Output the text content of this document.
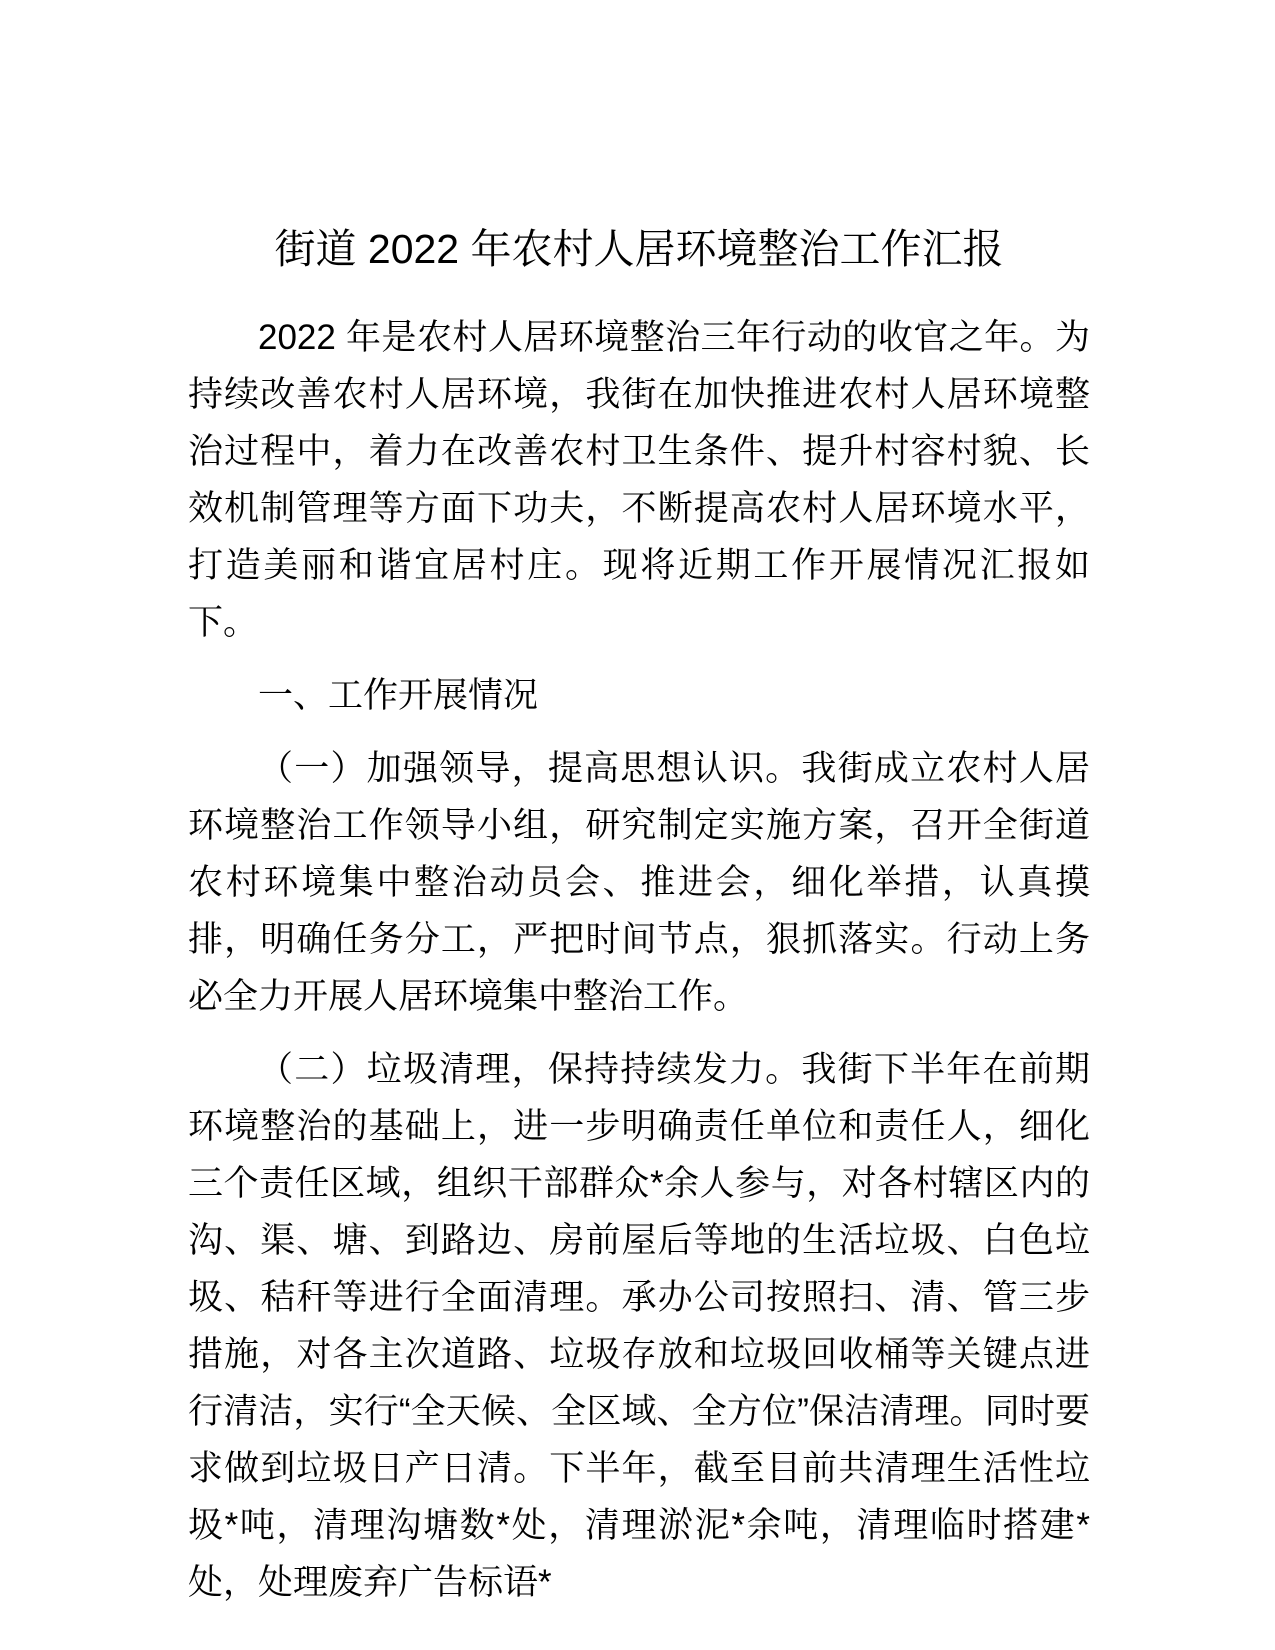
街道 2022 年农村人居环境整治工作汇报

2022 年是农村人居环境整治三年行动的收官之年。为持续改善农村人居环境，我街在加快推进农村人居环境整治过程中，着力在改善农村卫生条件、提升村容村貌、长效机制管理等方面下功夫，不断提高农村人居环境水平，打造美丽和谐宜居村庄。现将近期工作开展情况汇报如下。

一、工作开展情况

（一）加强领导，提高思想认识。我街成立农村人居环境整治工作领导小组，研究制定实施方案，召开全街道农村环境集中整治动员会、推进会，细化举措，认真摸排，明确任务分工，严把时间节点，狠抓落实。行动上务必全力开展人居环境集中整治工作。

（二）垃圾清理，保持持续发力。我街下半年在前期环境整治的基础上，进一步明确责任单位和责任人，细化三个责任区域，组织干部群众*余人参与，对各村辖区内的沟、渠、塘、到路边、房前屋后等地的生活垃圾、白色垃圾、秸秆等进行全面清理。承办公司按照扫、清、管三步措施，对各主次道路、垃圾存放和垃圾回收桶等关键点进行清洁，实行“全天候、全区域、全方位”保洁清理。同时要求做到垃圾日产日清。下半年，截至目前共清理生活性垃圾*吨，清理沟塘数*处，清理淤泥*余吨，清理临时搭建*处，处理废弃广告标语*
